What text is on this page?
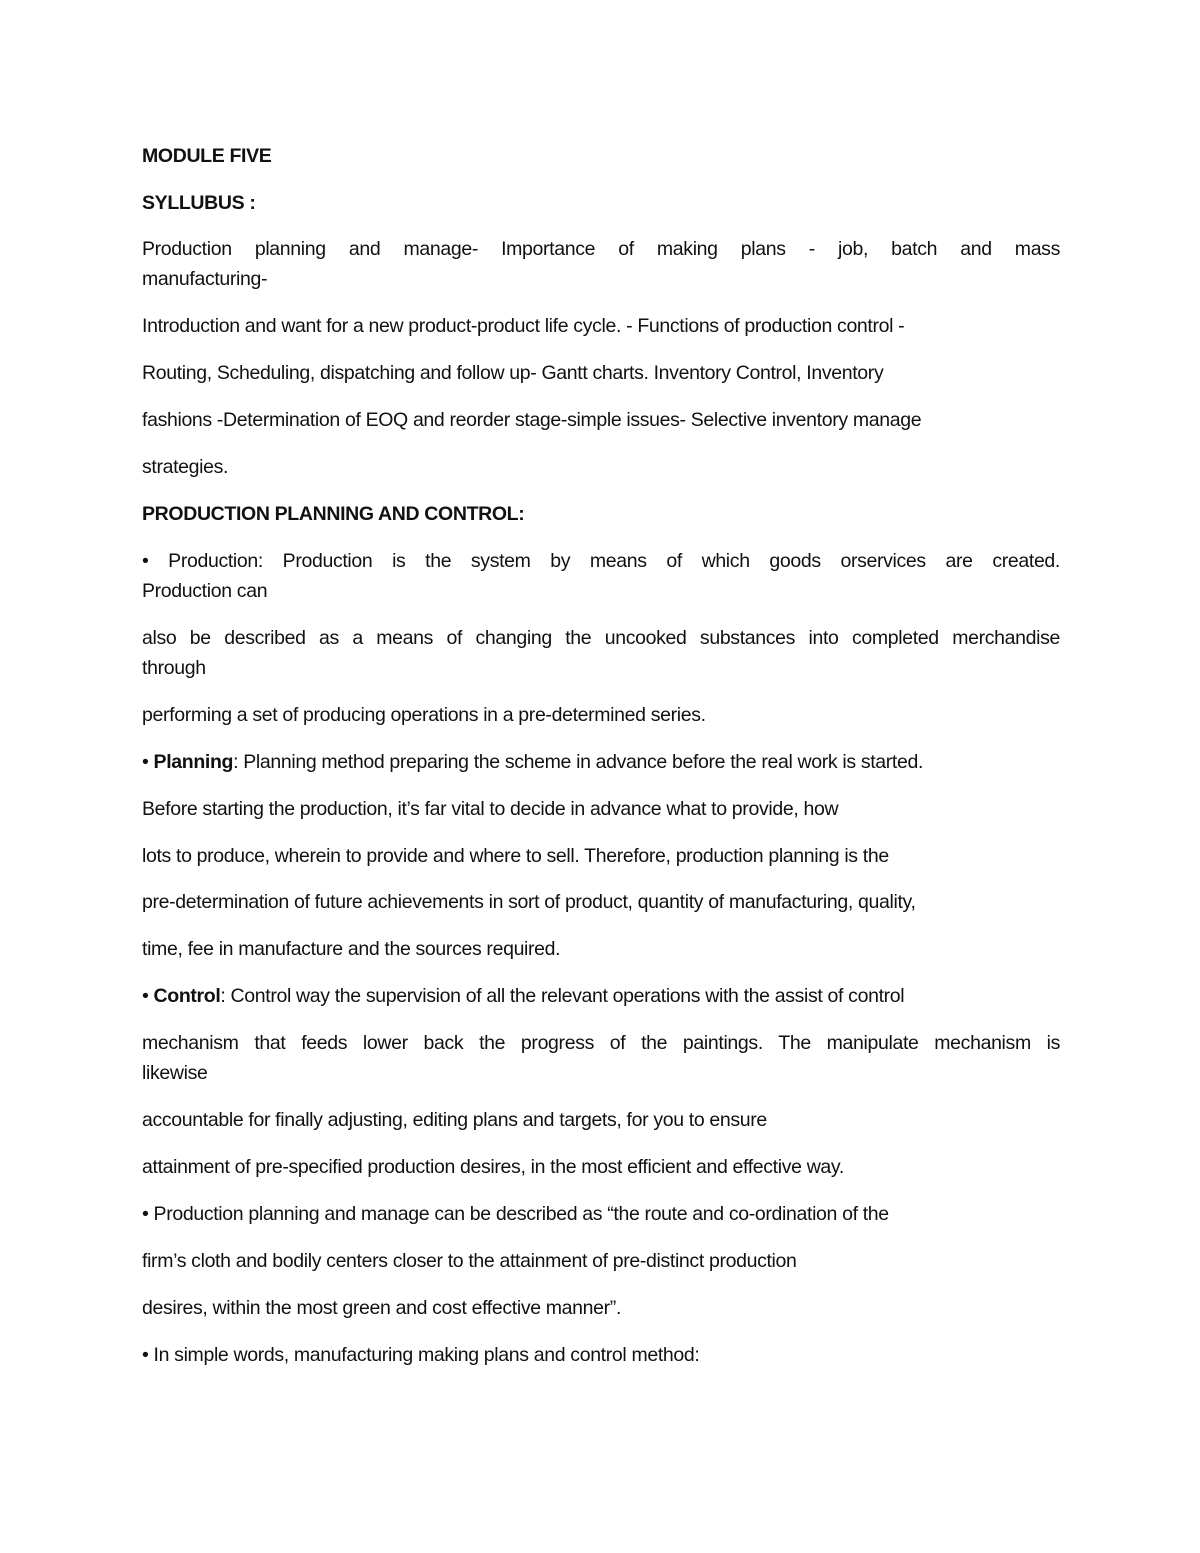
MODULE FIVE
SYLLUBUS :
Production planning and manage- Importance of making plans - job, batch and mass
manufacturing-
Introduction and want for a new product-product life cycle. - Functions of production control -
Routing, Scheduling, dispatching and follow up- Gantt charts. Inventory Control, Inventory
fashions -Determination of EOQ and reorder stage-simple issues- Selective inventory manage
strategies.
PRODUCTION PLANNING AND CONTROL:
• Production: Production is the system by means of which goods orservices are created.
Production can
also be described as a means of changing the uncooked substances into completed merchandise
through
performing a set of producing operations in a pre-determined series.
• Planning: Planning method preparing the scheme in advance before the real work is started.
Before starting the production, it’s far vital to decide in advance what to provide, how
lots to produce, wherein to provide and where to sell. Therefore, production planning is the
pre-determination of future achievements in sort of product, quantity of manufacturing, quality,
time, fee in manufacture and the sources required.
• Control: Control way the supervision of all the relevant operations with the assist of control
mechanism that feeds lower back the progress of the paintings. The manipulate mechanism is
likewise
accountable for finally adjusting, editing plans and targets, for you to ensure
attainment of pre-specified production desires, in the most efficient and effective way.
• Production planning and manage can be described as “the route and co-ordination of the
firm’s cloth and bodily centers closer to the attainment of pre-distinct production
desires, within the most green and cost effective manner”.
• In simple words, manufacturing making plans and control method:
